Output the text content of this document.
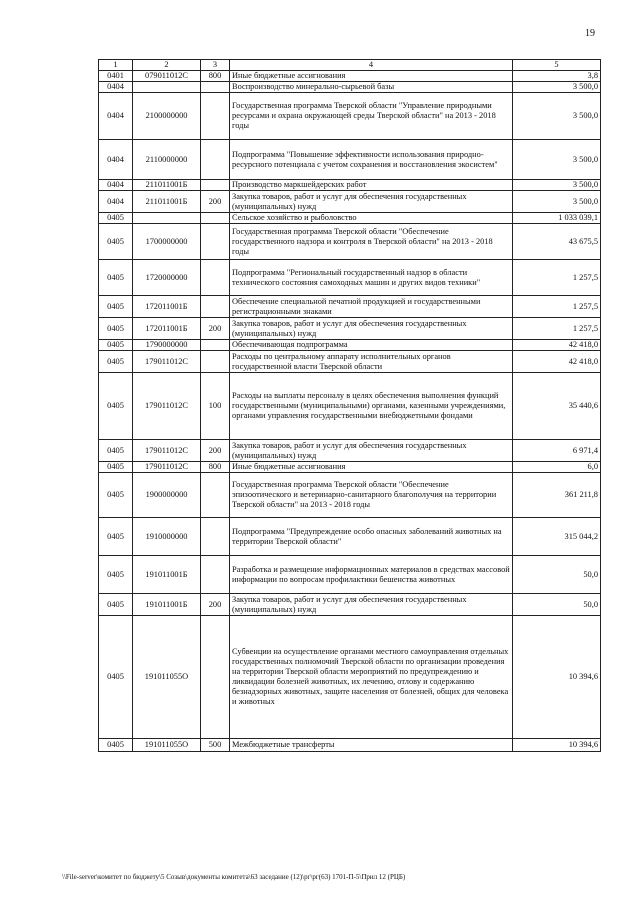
19
1	2	3	4	5
0401	079011012С	800	Иные бюджетные ассигнования	3,8
0404			Воспроизводство минерально-сырьевой базы	3 500,0
0404	2100000000		Государственная программа Тверской области "Управление природными ресурсами и охрана окружающей среды Тверской области" на 2013 - 2018 годы	3 500,0
0404	2110000000		Подпрограмма "Повышение эффективности использования природно-ресурсного потенциала с учетом сохранения и восстановления экосистем"	3 500,0
0404	211011001Б		Производство маркшейдерских работ	3 500,0
0404	211011001Б	200	Закупка товаров, работ и услуг для обеспечения государственных (муниципальных) нужд	3 500,0
0405			Сельское хозяйство и рыболовство	1 033 039,1
0405	1700000000		Государственная программа Тверской области "Обеспечение государственного надзора и контроля в Тверской области" на 2013 - 2018 годы	43 675,5
0405	1720000000		Подпрограмма "Региональный государственный надзор в области технического состояния самоходных машин и других видов техники"	1 257,5
0405	172011001Б		Обеспечение специальной печатной продукцией и государственными регистрационными знаками	1 257,5
0405	172011001Б	200	Закупка товаров, работ и услуг для обеспечения государственных (муниципальных) нужд	1 257,5
0405	1790000000		Обеспечивающая подпрограмма	42 418,0
0405	179011012С		Расходы по центральному аппарату исполнительных органов государственной власти Тверской области	42 418,0
0405	179011012С	100	Расходы на выплаты персоналу в целях обеспечения выполнения функций государственными (муниципальными) органами, казенными учреждениями, органами управления государственными внебюджетными фондами	35 440,6
0405	179011012С	200	Закупка товаров, работ и услуг для обеспечения государственных (муниципальных) нужд	6 971,4
0405	179011012С	800	Иные бюджетные ассигнования	6,0
0405	1900000000		Государственная программа Тверской области "Обеспечение эпизоотического и ветеринарно-санитарного благополучия на территории Тверской области" на 2013 - 2018 годы	361 211,8
0405	1910000000		Подпрограмма "Предупреждение особо опасных заболеваний животных на территории Тверской области"	315 044,2
0405	191011001Б		Разработка и размещение информационных материалов в средствах массовой информации по вопросам профилактики бешенства животных	50,0
0405	191011001Б	200	Закупка товаров, работ и услуг для обеспечения государственных (муниципальных) нужд	50,0
0405	191011055О		Субвенции на осуществление органами местного самоуправления отдельных государственных полномочий Тверской области по организации проведения на территории Тверской области мероприятий по предупреждению и ликвидации болезней животных, их лечению, отлову и содержанию безнадзорных животных, защите населения от болезней, общих для человека и животных	10 394,6
0405	191011055О	500	Межбюджетные трансферты	10 394,6
\\File-server\комитет по бюджету\5 Созыв\документы комитета\63 заседание (12)\рг\рг(63) 1701-П-5\Прил 12 (РЦБ)
